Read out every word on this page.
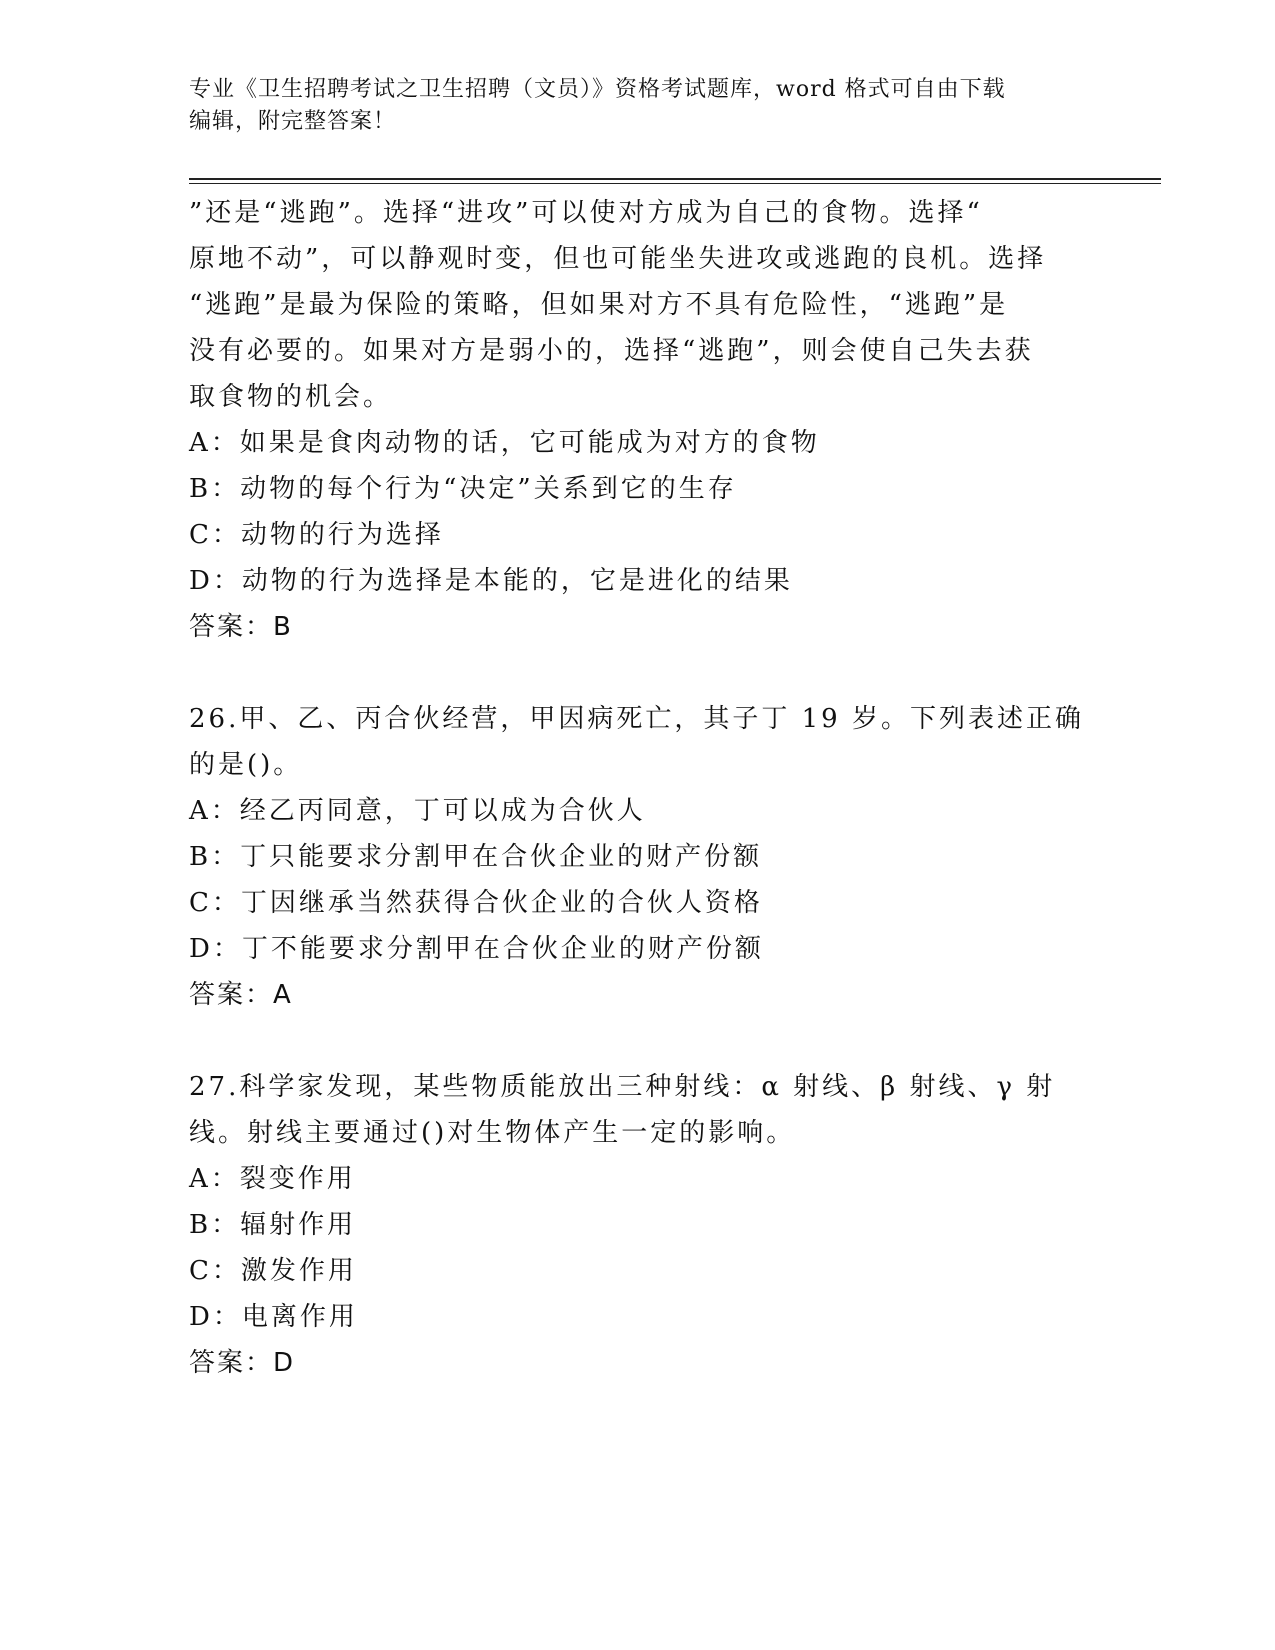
专业《卫生招聘考试之卫生招聘（文员）》资格考试题库，word 格式可自由下载
编辑，附完整答案！
”还是“逃跑”。选择“进攻”可以使对方成为自己的食物。选择“
原地不动”，可以静观时变，但也可能坐失进攻或逃跑的良机。选择
“逃跑”是最为保险的策略，但如果对方不具有危险性，“逃跑”是
没有必要的。如果对方是弱小的，选择“逃跑”，则会使自己失去获
取食物的机会。
A：如果是食肉动物的话，它可能成为对方的食物
B：动物的每个行为“决定”关系到它的生存
C：动物的行为选择
D：动物的行为选择是本能的，它是进化的结果
答案：B
26.甲、乙、丙合伙经营，甲因病死亡，其子丁 19 岁。下列表述正确
的是()。
A：经乙丙同意，丁可以成为合伙人
B：丁只能要求分割甲在合伙企业的财产份额
C：丁因继承当然获得合伙企业的合伙人资格
D：丁不能要求分割甲在合伙企业的财产份额
答案：A
27.科学家发现，某些物质能放出三种射线：α 射线、β 射线、γ 射
线。射线主要通过()对生物体产生一定的影响。
A：裂变作用
B：辐射作用
C：激发作用
D：电离作用
答案：D
